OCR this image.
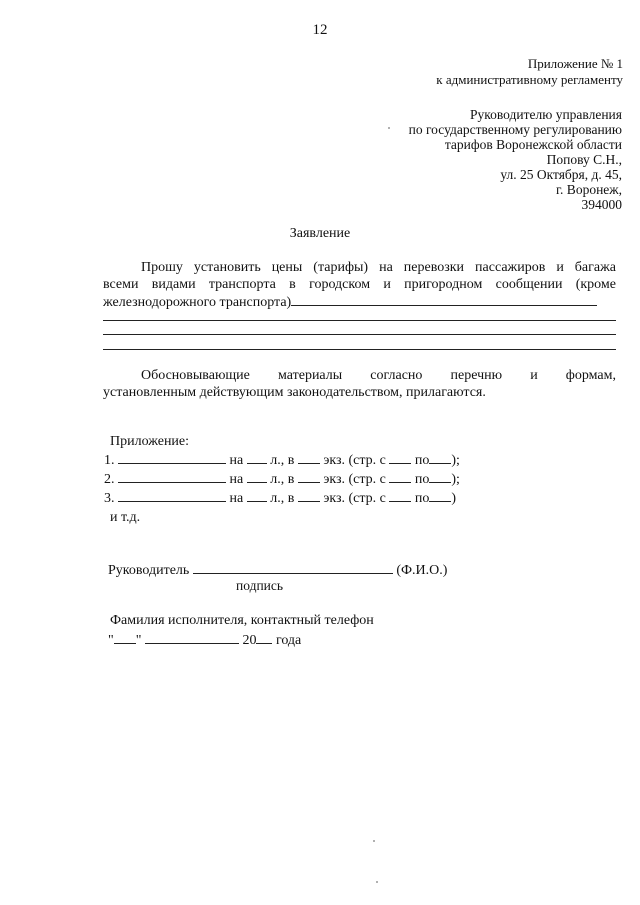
12
Приложение № 1
к административному регламенту
Руководителю управления
по государственному регулированию
тарифов Воронежской области
Попову С.Н.,
ул. 25 Октября, д. 45,
г. Воронеж,
394000
Заявление
Прошу установить цены (тарифы) на перевозки пассажиров и багажа
всеми видами транспорта в городском и пригородном сообщении (кроме
железнодорожного транспорта)
Обосновывающие материалы согласно перечню и формам,
установленным действующим законодательством, прилагаются.
Приложение:
1.	на л., в экз. (стр. с по );
2.	на л., в экз. (стр. с по );
3.	на л., в экз. (стр. с по )
и т.д.
Руководитель	(Ф.И.О.)
подпись
Фамилия исполнителя, контактный телефон
" "	20 года
